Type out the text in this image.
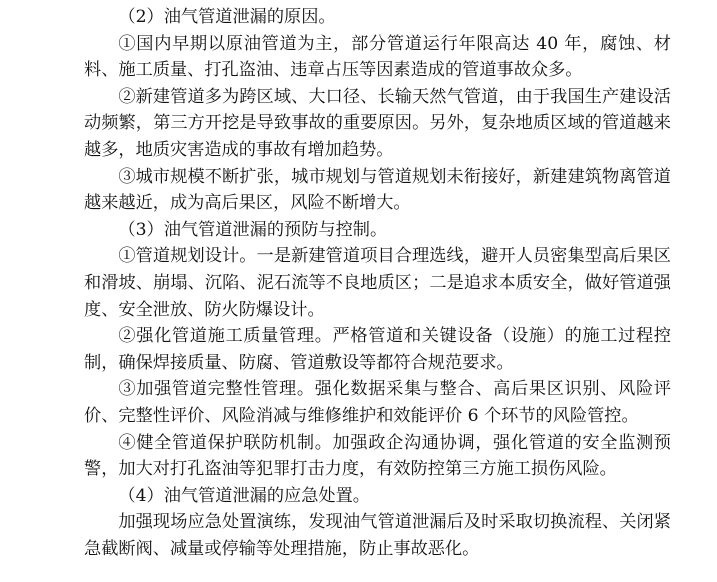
（2）油气管道泄漏的原因。

①国内早期以原油管道为主，部分管道运行年限高达 40 年，腐蚀、材料、施工质量、打孔盗油、违章占压等因素造成的管道事故众多。

②新建管道多为跨区域、大口径、长输天然气管道，由于我国生产建设活动频繁，第三方开挖是导致事故的重要原因。另外，复杂地质区域的管道越来越多，地质灾害造成的事故有增加趋势。

③城市规模不断扩张，城市规划与管道规划未衔接好，新建建筑物离管道越来越近，成为高后果区，风险不断增大。

（3）油气管道泄漏的预防与控制。

①管道规划设计。一是新建管道项目合理选线，避开人员密集型高后果区和滑坡、崩塌、沉陷、泥石流等不良地质区；二是追求本质安全，做好管道强度、安全泄放、防火防爆设计。

②强化管道施工质量管理。严格管道和关键设备（设施）的施工过程控制，确保焊接质量、防腐、管道敷设等都符合规范要求。

③加强管道完整性管理。强化数据采集与整合、高后果区识别、风险评价、完整性评价、风险消减与维修维护和效能评价 6 个环节的风险管控。

④健全管道保护联防机制。加强政企沟通协调，强化管道的安全监测预警，加大对打孔盗油等犯罪打击力度，有效防控第三方施工损伤风险。

（4）油气管道泄漏的应急处置。

加强现场应急处置演练，发现油气管道泄漏后及时采取切换流程、关闭紧急截断阀、减量或停输等处理措施，防止事故恶化。
